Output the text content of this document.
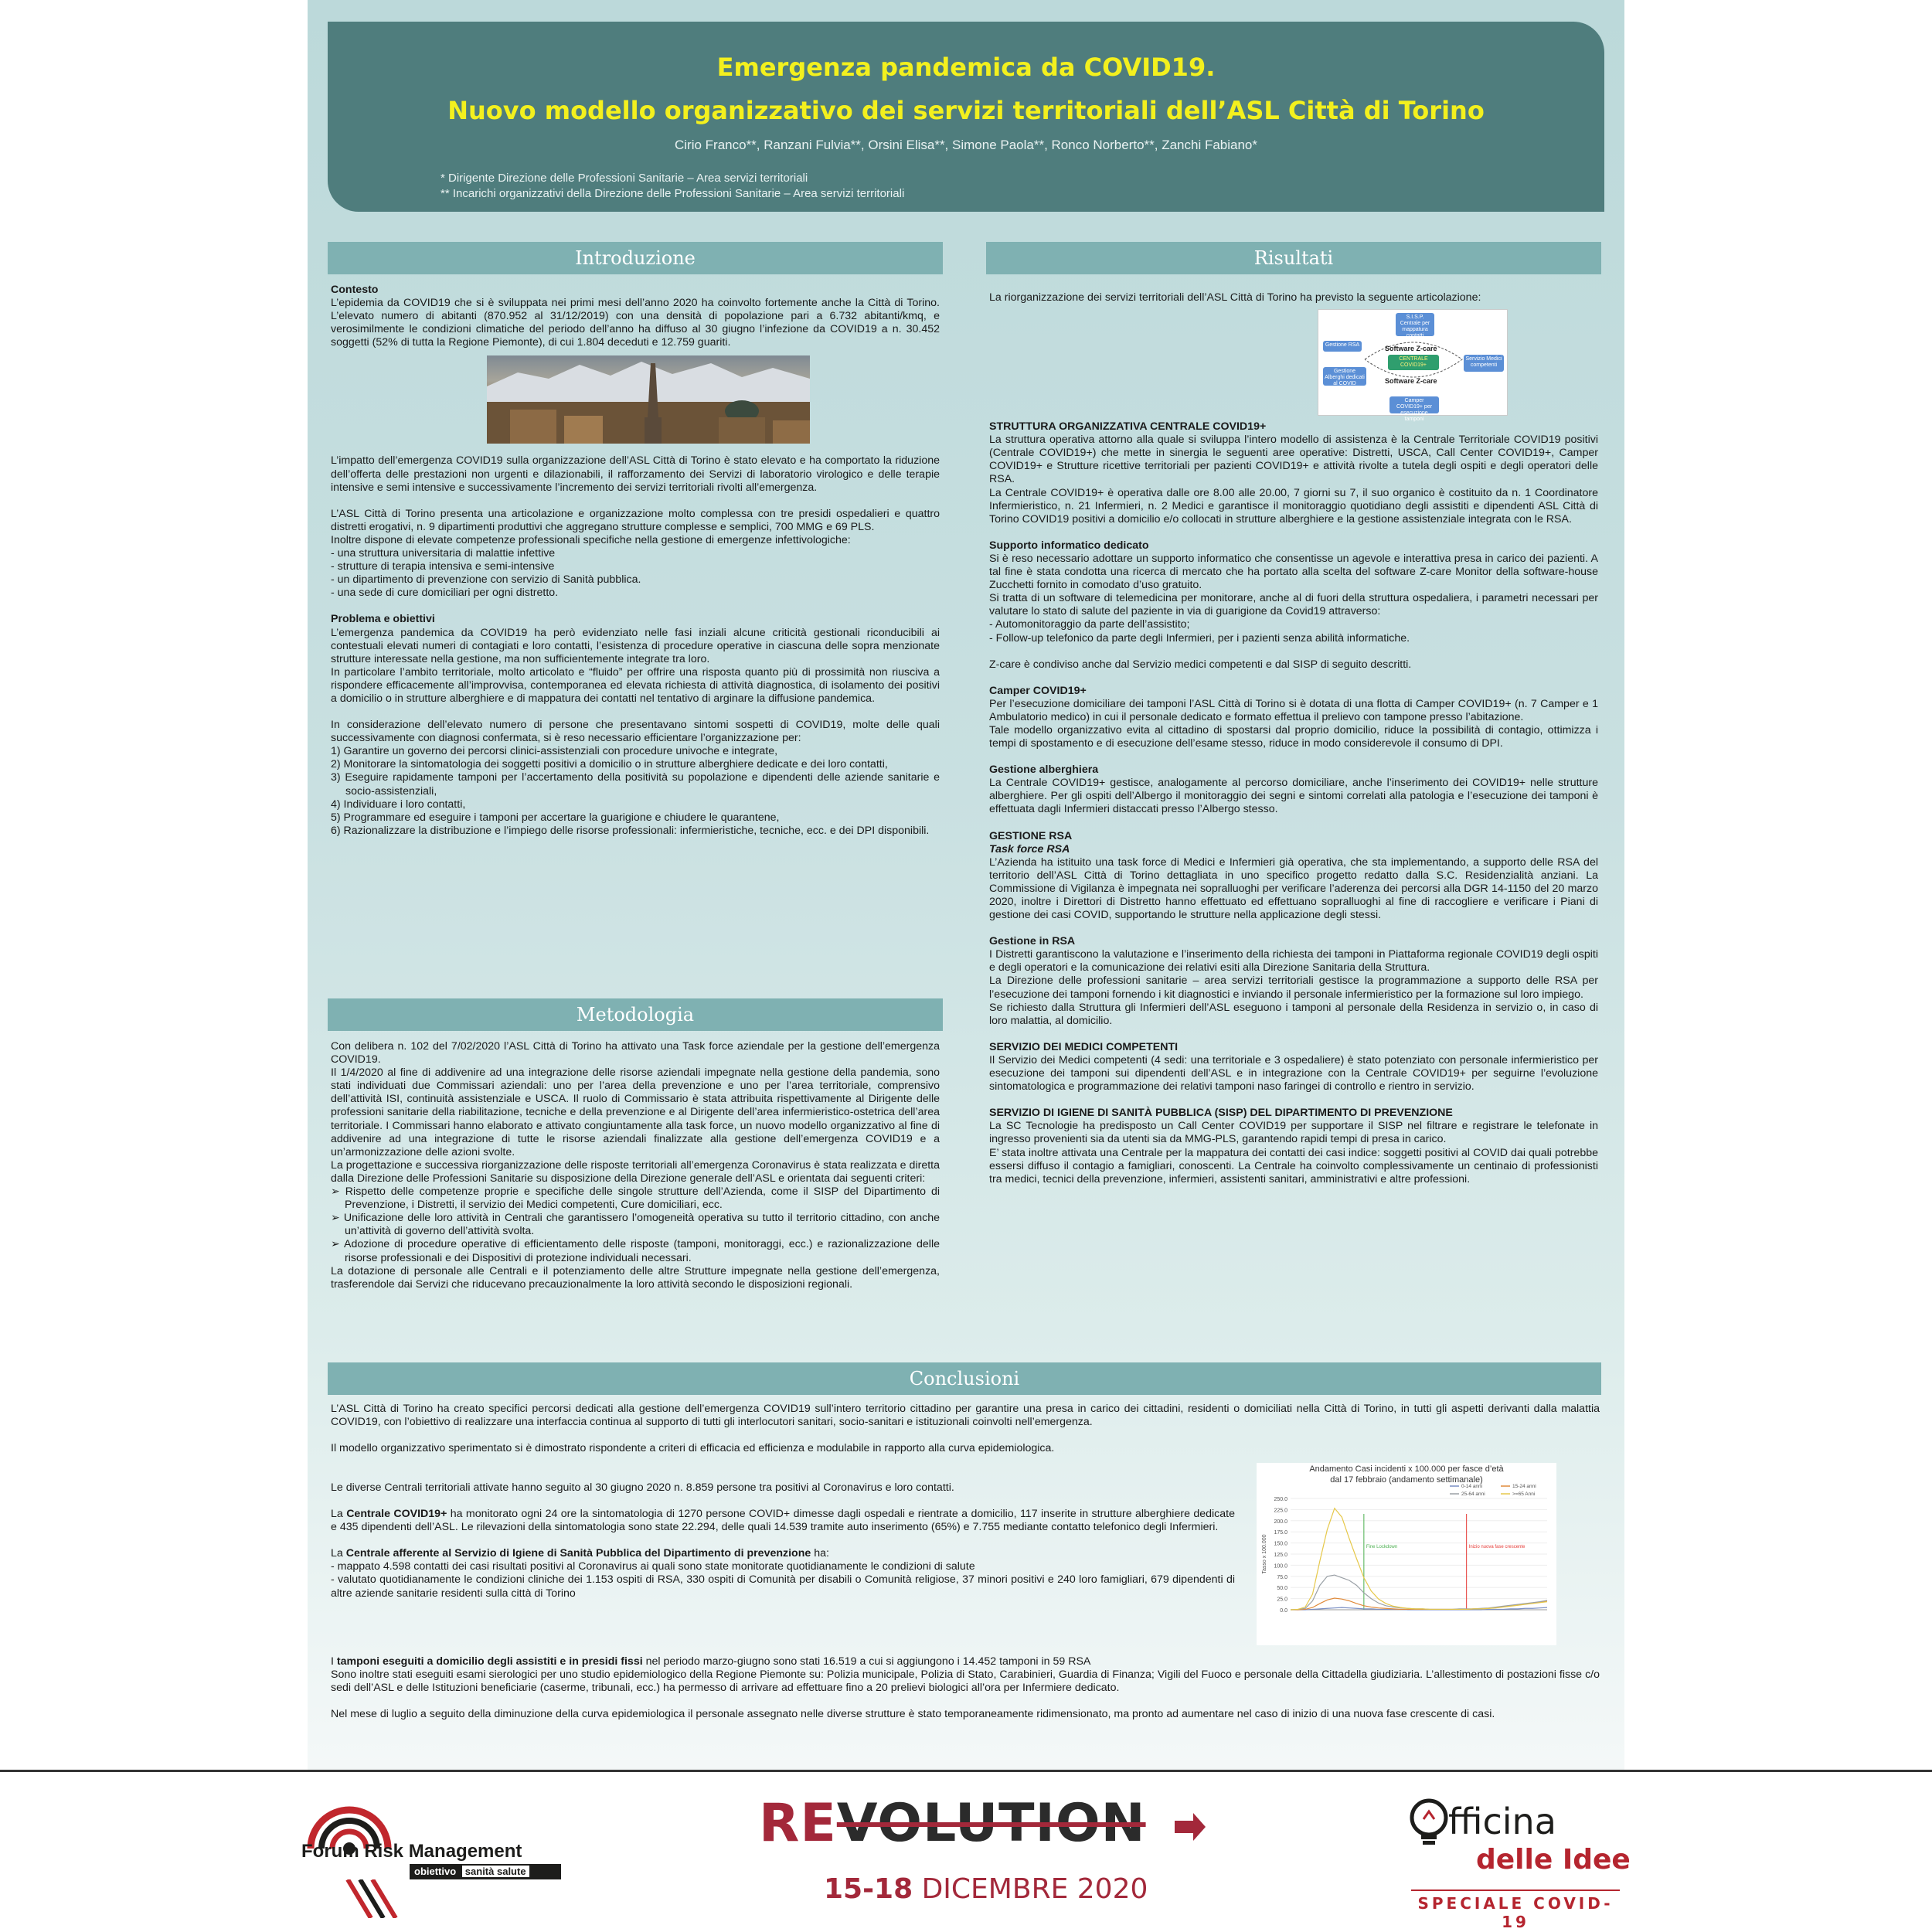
Emergenza pandemica da COVID19.
Nuovo modello organizzativo dei servizi territoriali dell’ASL Città di Torino
Cirio Franco**, Ranzani Fulvia**, Orsini Elisa**, Simone Paola**, Ronco Norberto**, Zanchi Fabiano*
* Dirigente Direzione delle Professioni Sanitarie – Area servizi territoriali
** Incarichi organizzativi della Direzione delle Professioni Sanitarie – Area servizi territoriali
Introduzione

Contesto

L’epidemia da COVID19 che si è sviluppata nei primi mesi dell’anno 2020 ha coinvolto fortemente anche la Città di Torino. L’elevato numero di abitanti (870.952 al 31/12/2019) con una densità di popolazione pari a 6.732 abitanti/kmq, e verosimilmente le condizioni climatiche del periodo dell’anno ha diffuso al 30 giugno l’infezione da COVID19 a n. 30.452 soggetti (52% di tutta la Regione Piemonte), di cui 1.804 deceduti e 12.759 guariti.

L’impatto dell’emergenza COVID19 sulla organizzazione dell’ASL Città di Torino è stato elevato e ha comportato la riduzione dell’offerta delle prestazioni non urgenti e dilazionabili, il rafforzamento dei Servizi di laboratorio virologico e delle terapie intensive e semi intensive e successivamente l’incremento dei servizi territoriali rivolti all’emergenza.

L’ASL Città di Torino presenta una articolazione e organizzazione molto complessa con tre presidi ospedalieri e quattro distretti erogativi, n. 9 dipartimenti produttivi che aggregano strutture complesse e semplici, 700 MMG e 69 PLS.

Inoltre dispone di elevate competenze professionali specifiche nella gestione di emergenze infettivologiche:

- una struttura universitaria di malattie infettive

- strutture di terapia intensiva e semi-intensive

- un dipartimento di prevenzione con servizio di Sanità pubblica.

- una sede di cure domiciliari per ogni distretto.

Problema e obiettivi

L’emergenza pandemica da COVID19 ha però evidenziato nelle fasi inziali alcune criticità gestionali riconducibili ai contestuali elevati numeri di contagiati e loro contatti, l’esistenza di procedure operative in ciascuna delle sopra menzionate strutture interessate nella gestione, ma non sufficientemente integrate tra loro.

In particolare l’ambito territoriale, molto articolato e “fluido” per offrire una risposta quanto più di prossimità non riusciva a rispondere efficacemente all’improvvisa, contemporanea ed elevata richiesta di attività diagnostica, di isolamento dei positivi a domicilio o in strutture alberghiere e di mappatura dei contatti nel tentativo di arginare la diffusione pandemica.

In considerazione dell’elevato numero di persone che presentavano sintomi sospetti di COVID19, molte delle quali successivamente con diagnosi confermata, si è reso necessario efficientare l’organizzazione per:

1) Garantire un governo dei percorsi clinici-assistenziali con procedure univoche e integrate,

2) Monitorare la sintomatologia dei soggetti positivi a domicilio o in strutture alberghiere dedicate e dei loro contatti,

3) Eseguire rapidamente tamponi per l’accertamento della positività su popolazione e dipendenti delle aziende sanitarie e socio-assistenziali,

4) Individuare i loro contatti,

5) Programmare ed eseguire i tamponi per accertare la guarigione e chiudere le quarantene,

6) Razionalizzare la distribuzione e l’impiego delle risorse professionali: infermieristiche, tecniche, ecc. e dei DPI disponibili.

Metodologia

Con delibera n. 102 del 7/02/2020 l’ASL Città di Torino ha attivato una Task force aziendale per la gestione dell’emergenza COVID19.

Il 1/4/2020 al fine di addivenire ad una integrazione delle risorse aziendali impegnate nella gestione della pandemia, sono stati individuati due Commissari aziendali: uno per l’area della prevenzione e uno per l’area territoriale, comprensivo dell’attività ISI, continuità assistenziale e USCA. Il ruolo di Commissario è stata attribuita rispettivamente al Dirigente delle professioni sanitarie della riabilitazione, tecniche e della prevenzione e al Dirigente dell’area infermieristico-ostetrica dell’area territoriale. I Commissari hanno elaborato e attivato congiuntamente alla task force, un nuovo modello organizzativo al fine di addivenire ad una integrazione di tutte le risorse aziendali finalizzate alla gestione dell’emergenza COVID19 e a un’armonizzazione delle azioni svolte.

La progettazione e successiva riorganizzazione delle risposte territoriali all’emergenza Coronavirus è stata realizzata e diretta dalla Direzione delle Professioni Sanitarie su disposizione della Direzione generale dell’ASL e orientata dai seguenti criteri:

➢ Rispetto delle competenze proprie e specifiche delle singole strutture dell’Azienda, come il SISP del Dipartimento di Prevenzione, i Distretti, il servizio dei Medici competenti, Cure domiciliari, ecc.

➢ Unificazione delle loro attività in Centrali che garantissero l’omogeneità operativa su tutto il territorio cittadino, con anche un’attività di governo dell’attività svolta.

➢ Adozione di procedure operative di efficientamento delle risposte (tamponi, monitoraggi, ecc.) e razionalizzazione delle risorse professionali e dei Dispositivi di protezione individuali necessari.

La dotazione di personale alle Centrali e il potenziamento delle altre Strutture impegnate nella gestione dell’emergenza, trasferendole dai Servizi che riducevano precauzionalmente la loro attività secondo le disposizioni regionali.

Risultati

La riorganizzazione dei servizi territoriali dell’ASL Città di Torino ha previsto la seguente articolazione:

S.I.S.P. Centrale per mappatura contatti
Gestione RSA
Gestione Alberghi dedicati al COVID
CENTRALE COVID19+
Servizio Medici competenti
Camper COVID19+ per esecuzione tamponi
Software Z-care
Software Z-care

STRUTTURA ORGANIZZATIVA CENTRALE COVID19+

La struttura operativa attorno alla quale si sviluppa l’intero modello di assistenza è la Centrale Territoriale COVID19 positivi (Centrale COVID19+) che mette in sinergia le seguenti aree operative: Distretti, USCA, Call Center COVID19+, Camper COVID19+ e Strutture ricettive territoriali per pazienti COVID19+ e attività rivolte a tutela degli ospiti e degli operatori delle RSA.

La Centrale COVID19+ è operativa dalle ore 8.00 alle 20.00, 7 giorni su 7, il suo organico è costituito da n. 1 Coordinatore Infermieristico, n. 21 Infermieri, n. 2 Medici e garantisce il monitoraggio quotidiano degli assistiti e dipendenti ASL Città di Torino COVID19 positivi a domicilio e/o collocati in strutture alberghiere e la gestione assistenziale integrata con le RSA.

Supporto informatico dedicato

Si è reso necessario adottare un supporto informatico che consentisse un agevole e interattiva presa in carico dei pazienti. A tal fine è stata condotta una ricerca di mercato che ha portato alla scelta del software Z-care Monitor della software-house Zucchetti fornito in comodato d’uso gratuito.

Si tratta di un software di telemedicina per monitorare, anche al di fuori della struttura ospedaliera, i parametri necessari per valutare lo stato di salute del paziente in via di guarigione da Covid19 attraverso:

- Automonitoraggio da parte dell’assistito;

- Follow-up telefonico da parte degli Infermieri, per i pazienti senza abilità informatiche.

Z-care è condiviso anche dal Servizio medici competenti e dal SISP di seguito descritti.

Camper COVID19+

Per l’esecuzione domiciliare dei tamponi l’ASL Città di Torino si è dotata di una flotta di Camper COVID19+ (n. 7 Camper e 1 Ambulatorio medico) in cui il personale dedicato e formato effettua il prelievo con tampone presso l’abitazione.

Tale modello organizzativo evita al cittadino di spostarsi dal proprio domicilio, riduce la possibilità di contagio, ottimizza i tempi di spostamento e di esecuzione dell’esame stesso, riduce in modo considerevole il consumo di DPI.

Gestione alberghiera

La Centrale COVID19+ gestisce, analogamente al percorso domiciliare, anche l’inserimento dei COVID19+ nelle strutture alberghiere. Per gli ospiti dell’Albergo il monitoraggio dei segni e sintomi correlati alla patologia e l’esecuzione dei tamponi è effettuata dagli Infermieri distaccati presso l’Albergo stesso.

GESTIONE RSA

Task force RSA

L’Azienda ha istituito una task force di Medici e Infermieri già operativa, che sta implementando, a supporto delle RSA del territorio dell’ASL Città di Torino dettagliata in uno specifico progetto redatto dalla S.C. Residenzialità anziani. La Commissione di Vigilanza è impegnata nei sopralluoghi per verificare l’aderenza dei percorsi alla DGR 14-1150 del 20 marzo 2020, inoltre i Direttori di Distretto hanno effettuato ed effettuano sopralluoghi al fine di raccogliere e verificare i Piani di gestione dei casi COVID, supportando le strutture nella applicazione degli stessi.

Gestione in RSA

I Distretti garantiscono la valutazione e l’inserimento della richiesta dei tamponi in Piattaforma regionale COVID19 degli ospiti e degli operatori e la comunicazione dei relativi esiti alla Direzione Sanitaria della Struttura.

La Direzione delle professioni sanitarie – area servizi territoriali gestisce la programmazione a supporto delle RSA per l’esecuzione dei tamponi fornendo i kit diagnostici e inviando il personale infermieristico per la formazione sul loro impiego.

Se richiesto dalla Struttura gli Infermieri dell’ASL eseguono i tamponi al personale della Residenza in servizio o, in caso di loro malattia, al domicilio.

SERVIZIO DEI MEDICI COMPETENTI

Il Servizio dei Medici competenti (4 sedi: una territoriale e 3 ospedaliere) è stato potenziato con personale infermieristico per esecuzione dei tamponi sui dipendenti dell’ASL e in integrazione con la Centrale COVID19+ per seguirne l’evoluzione sintomatologica e programmazione dei relativi tamponi naso faringei di controllo e rientro in servizio.

SERVIZIO DI IGIENE DI SANITÀ PUBBLICA (SISP) DEL DIPARTIMENTO DI PREVENZIONE

La SC Tecnologie ha predisposto un Call Center COVID19 per supportare il SISP nel filtrare e registrare le telefonate in ingresso provenienti sia da utenti sia da MMG-PLS, garantendo rapidi tempi di presa in carico.

E’ stata inoltre attivata una Centrale per la mappatura dei contatti dei casi indice: soggetti positivi al COVID dai quali potrebbe essersi diffuso il contagio a famigliari, conoscenti. La Centrale ha coinvolto complessivamente un centinaio di professionisti tra medici, tecnici della prevenzione, infermieri, assistenti sanitari, amministrativi e altre professioni.

Conclusioni

L’ASL Città di Torino ha creato specifici percorsi dedicati alla gestione dell’emergenza COVID19 sull’intero territorio cittadino per garantire una presa in carico dei cittadini, residenti o domiciliati nella Città di Torino, in tutti gli aspetti derivanti dalla malattia COVID19, con l’obiettivo di realizzare una interfaccia continua al supporto di tutti gli interlocutori sanitari, socio-sanitari e istituzionali coinvolti nell’emergenza.

Il modello organizzativo sperimentato si è dimostrato rispondente a criteri di efficacia ed efficienza e modulabile in rapporto alla curva epidemiologica.

Le diverse Centrali territoriali attivate hanno seguito al 30 giugno 2020 n. 8.859 persone tra positivi al Coronavirus e loro contatti.

La Centrale COVID19+ ha monitorato ogni 24 ore la sintomatologia di 1270 persone COVID+ dimesse dagli ospedali e rientrate a domicilio, 117 inserite in strutture alberghiere dedicate e 435 dipendenti dell’ASL. Le rilevazioni della sintomatologia sono state 22.294, delle quali 14.539 tramite auto inserimento (65%) e 7.755 mediante contatto telefonico degli Infermieri.

La Centrale afferente al Servizio di Igiene di Sanità Pubblica del Dipartimento di prevenzione ha:

- mappato 4.598 contatti dei casi risultati positivi al Coronavirus ai quali sono state monitorate quotidianamente le condizioni di salute

- valutato quotidianamente le condizioni cliniche dei 1.153 ospiti di RSA, 330 ospiti di Comunità per disabili o Comunità religiose, 37 minori positivi e 240 loro famigliari, 679 dipendenti di altre aziende sanitarie residenti sulla città di Torino

I tamponi eseguiti a domicilio degli assistiti e in presidi fissi nel periodo marzo-giugno sono stati 16.519 a cui si aggiungono i 14.452 tamponi in 59 RSA

Sono inoltre stati eseguiti esami sierologici per uno studio epidemiologico della Regione Piemonte su: Polizia municipale, Polizia di Stato, Carabinieri, Guardia di Finanza; Vigili del Fuoco e personale della Cittadella giudiziaria. L’allestimento di postazioni fisse c/o sedi dell’ASL e delle Istituzioni beneficiarie (caserme, tribunali, ecc.) ha permesso di arrivare ad effettuare fino a 20 prelievi biologici all’ora per Infermiere dedicato.

Nel mese di luglio a seguito della diminuzione della curva epidemiologica il personale assegnato nelle diverse strutture è stato temporaneamente ridimensionato, ma pronto ad aumentare nel caso di inizio di una nuova fase crescente di casi.

Andamento Casi incidenti x 100.000 per fasce d’età
dal 17 febbraio (andamento settimanale)
0.0
25.0
50.0
75.0
100.0
125.0
150.0
175.0
200.0
225.0
250.0
Tasso x 100.000	Fine Lockdown	Inizio nuova fase crescente
0-14 anni	15-24 anni
25-64 anni	>=65 Anni
Forum Risk Management
obiettivo sanità salute
REVOLUTION
15-18 DICEMBRE 2020
fficina
delle Idee
SPECIALE COVID-19
